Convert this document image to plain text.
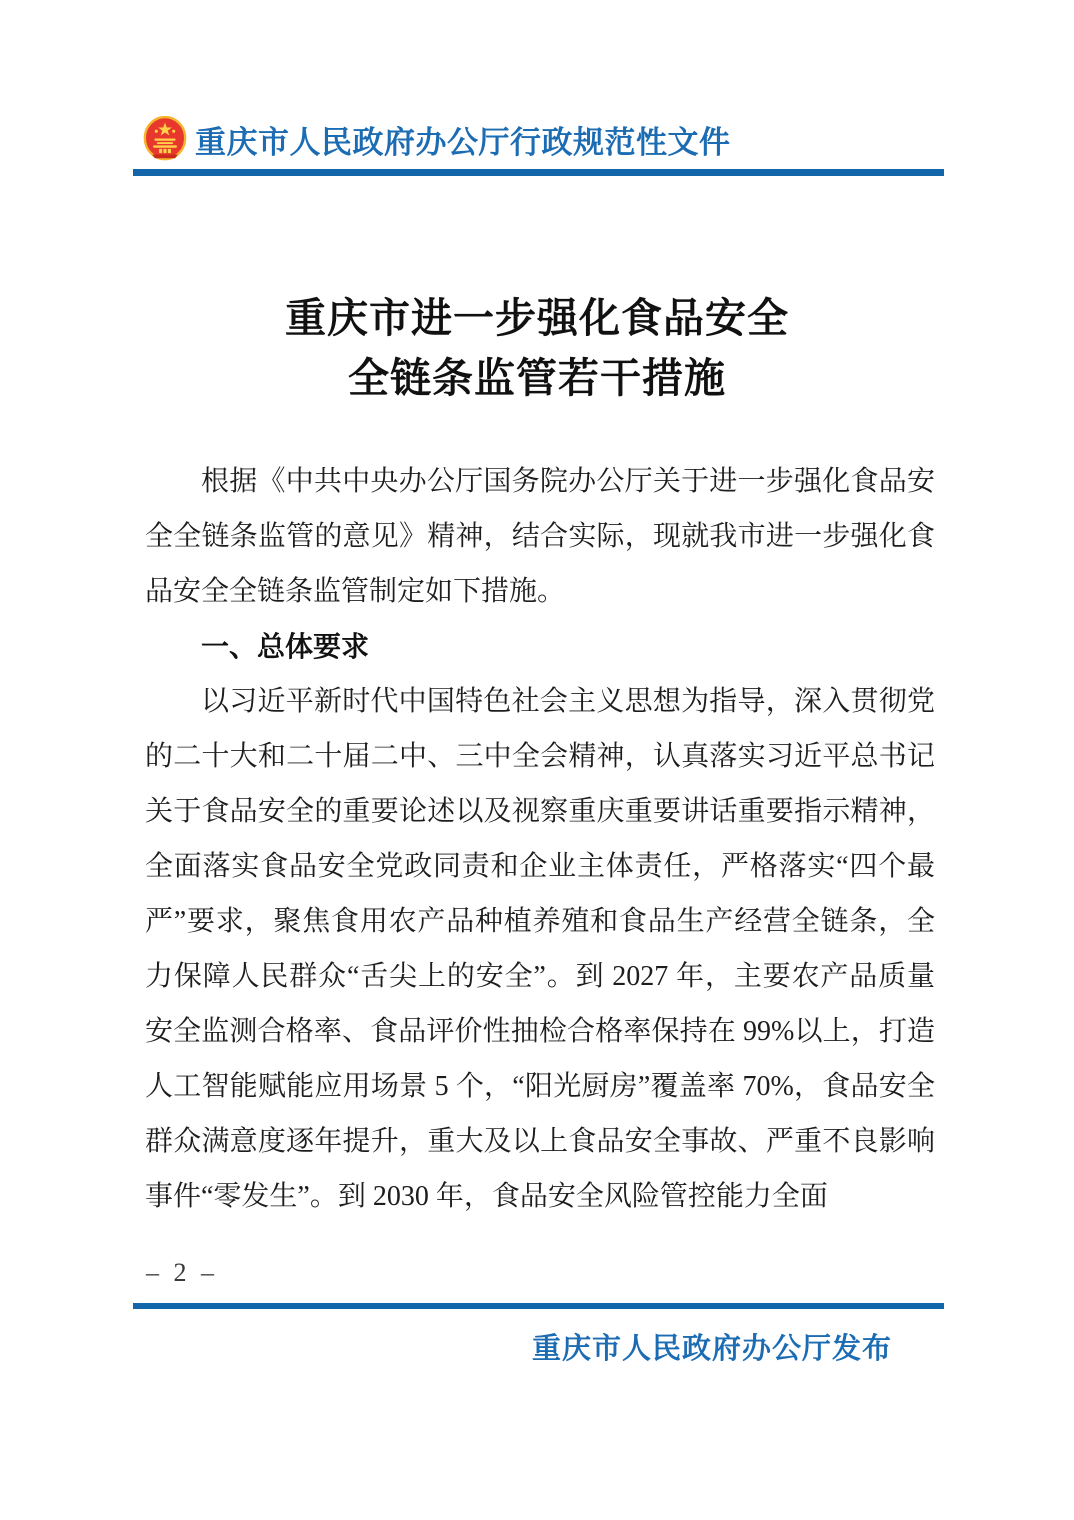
重庆市人民政府办公厅行政规范性文件
重庆市进一步强化食品安全
全链条监管若干措施

根据《中共中央办公厅国务院办公厅关于进一步强化食品安全全链条监管的意见》精神，结合实际，现就我市进一步强化食品安全全链条监管制定如下措施。

一、总体要求

以习近平新时代中国特色社会主义思想为指导，深入贯彻党的二十大和二十届二中、三中全会精神，认真落实习近平总书记关于食品安全的重要论述以及视察重庆重要讲话重要指示精神，全面落实食品安全党政同责和企业主体责任，严格落实“四个最严”要求，聚焦食用农产品种植养殖和食品生产经营全链条，全力保障人民群众“舌尖上的安全”。到 2027 年，主要农产品质量安全监测合格率、食品评价性抽检合格率保持在 99%以上，打造人工智能赋能应用场景 5 个，“阳光厨房”覆盖率 70%，食品安全群众满意度逐年提升，重大及以上食品安全事故、严重不良影响事件“零发生”。到 2030 年，食品安全风险管控能力全面

– 2 –
重庆市人民政府办公厅发布
